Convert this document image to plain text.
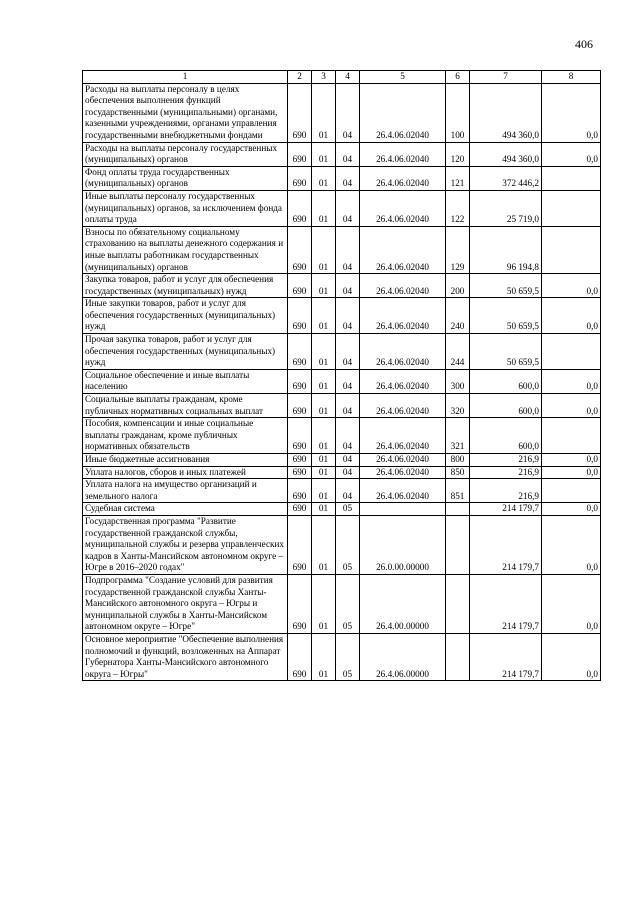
406
1	2	3	4	5	6	7	8
Расходы на выплаты персоналу в целях обеспечения выполнения функций государственными (муниципальными) органами, казенными учреждениями, органами управления государственными внебюджетными фондами	690	01	04	26.4.06.02040	100	494 360,0	0,0
Расходы на выплаты персоналу государственных (муниципальных) органов	690	01	04	26.4.06.02040	120	494 360,0	0,0
Фонд оплаты труда государственных (муниципальных) органов	690	01	04	26.4.06.02040	121	372 446,2	
Иные выплаты персоналу государственных (муниципальных) органов, за исключением фонда оплаты труда	690	01	04	26.4.06.02040	122	25 719,0	
Взносы по обязательному социальному страхованию на выплаты денежного содержания и иные выплаты работникам государственных (муниципальных) органов	690	01	04	26.4.06.02040	129	96 194,8	
Закупка товаров, работ и услуг для обеспечения государственных (муниципальных) нужд	690	01	04	26.4.06.02040	200	50 659,5	0,0
Иные закупки товаров, работ и услуг для обеспечения государственных (муниципальных) нужд	690	01	04	26.4.06.02040	240	50 659,5	0,0
Прочая закупка товаров, работ и услуг для обеспечения государственных (муниципальных) нужд	690	01	04	26.4.06.02040	244	50 659,5	
Социальное обеспечение и иные выплаты населению	690	01	04	26.4.06.02040	300	600,0	0,0
Социальные выплаты гражданам, кроме публичных нормативных социальных выплат	690	01	04	26.4.06.02040	320	600,0	0,0
Пособия, компенсации и иные социальные выплаты гражданам, кроме публичных нормативных обязательств	690	01	04	26.4.06.02040	321	600,0	
Иные бюджетные ассигнования	690	01	04	26.4.06.02040	800	216,9	0,0
Уплата налогов, сборов и иных платежей	690	01	04	26.4.06.02040	850	216,9	0,0
Уплата налога на имущество организаций и земельного налога	690	01	04	26.4.06.02040	851	216,9	
Судебная система	690	01	05			214 179,7	0,0
Государственная программа "Развитие государственной гражданской службы, муниципальной службы и резерва управленческих кадров в Ханты-Мансийском автономном округе – Югре в 2016–2020 годах"	690	01	05	26.0.00.00000		214 179,7	0,0
Подпрограмма "Создание условий для развития государственной гражданской службы Ханты-Мансийского автономного округа – Югры и муниципальной службы в Ханты-Мансийском автономном округе – Югре"	690	01	05	26.4.00.00000		214 179,7	0,0
Основное мероприятие "Обеспечение выполнения полномочий и функций, возложенных на Аппарат Губернатора Ханты-Мансийского автономного округа – Югры"	690	01	05	26.4.06.00000		214 179,7	0,0
